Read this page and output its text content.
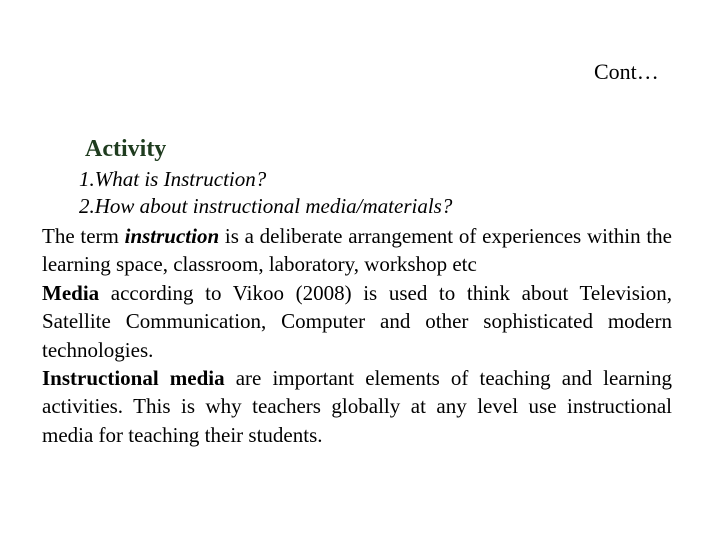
Cont…
Activity
1.What is Instruction?
2.How about instructional media/materials?

The term instruction is a deliberate arrangement of experiences within the learning space, classroom, laboratory, workshop etc

Media according to Vikoo (2008) is used to think about Television, Satellite Communication, Computer and other sophisticated modern technologies.

Instructional media are important elements of teaching and learning activities. This is why teachers globally at any level use instructional media for teaching their students.
